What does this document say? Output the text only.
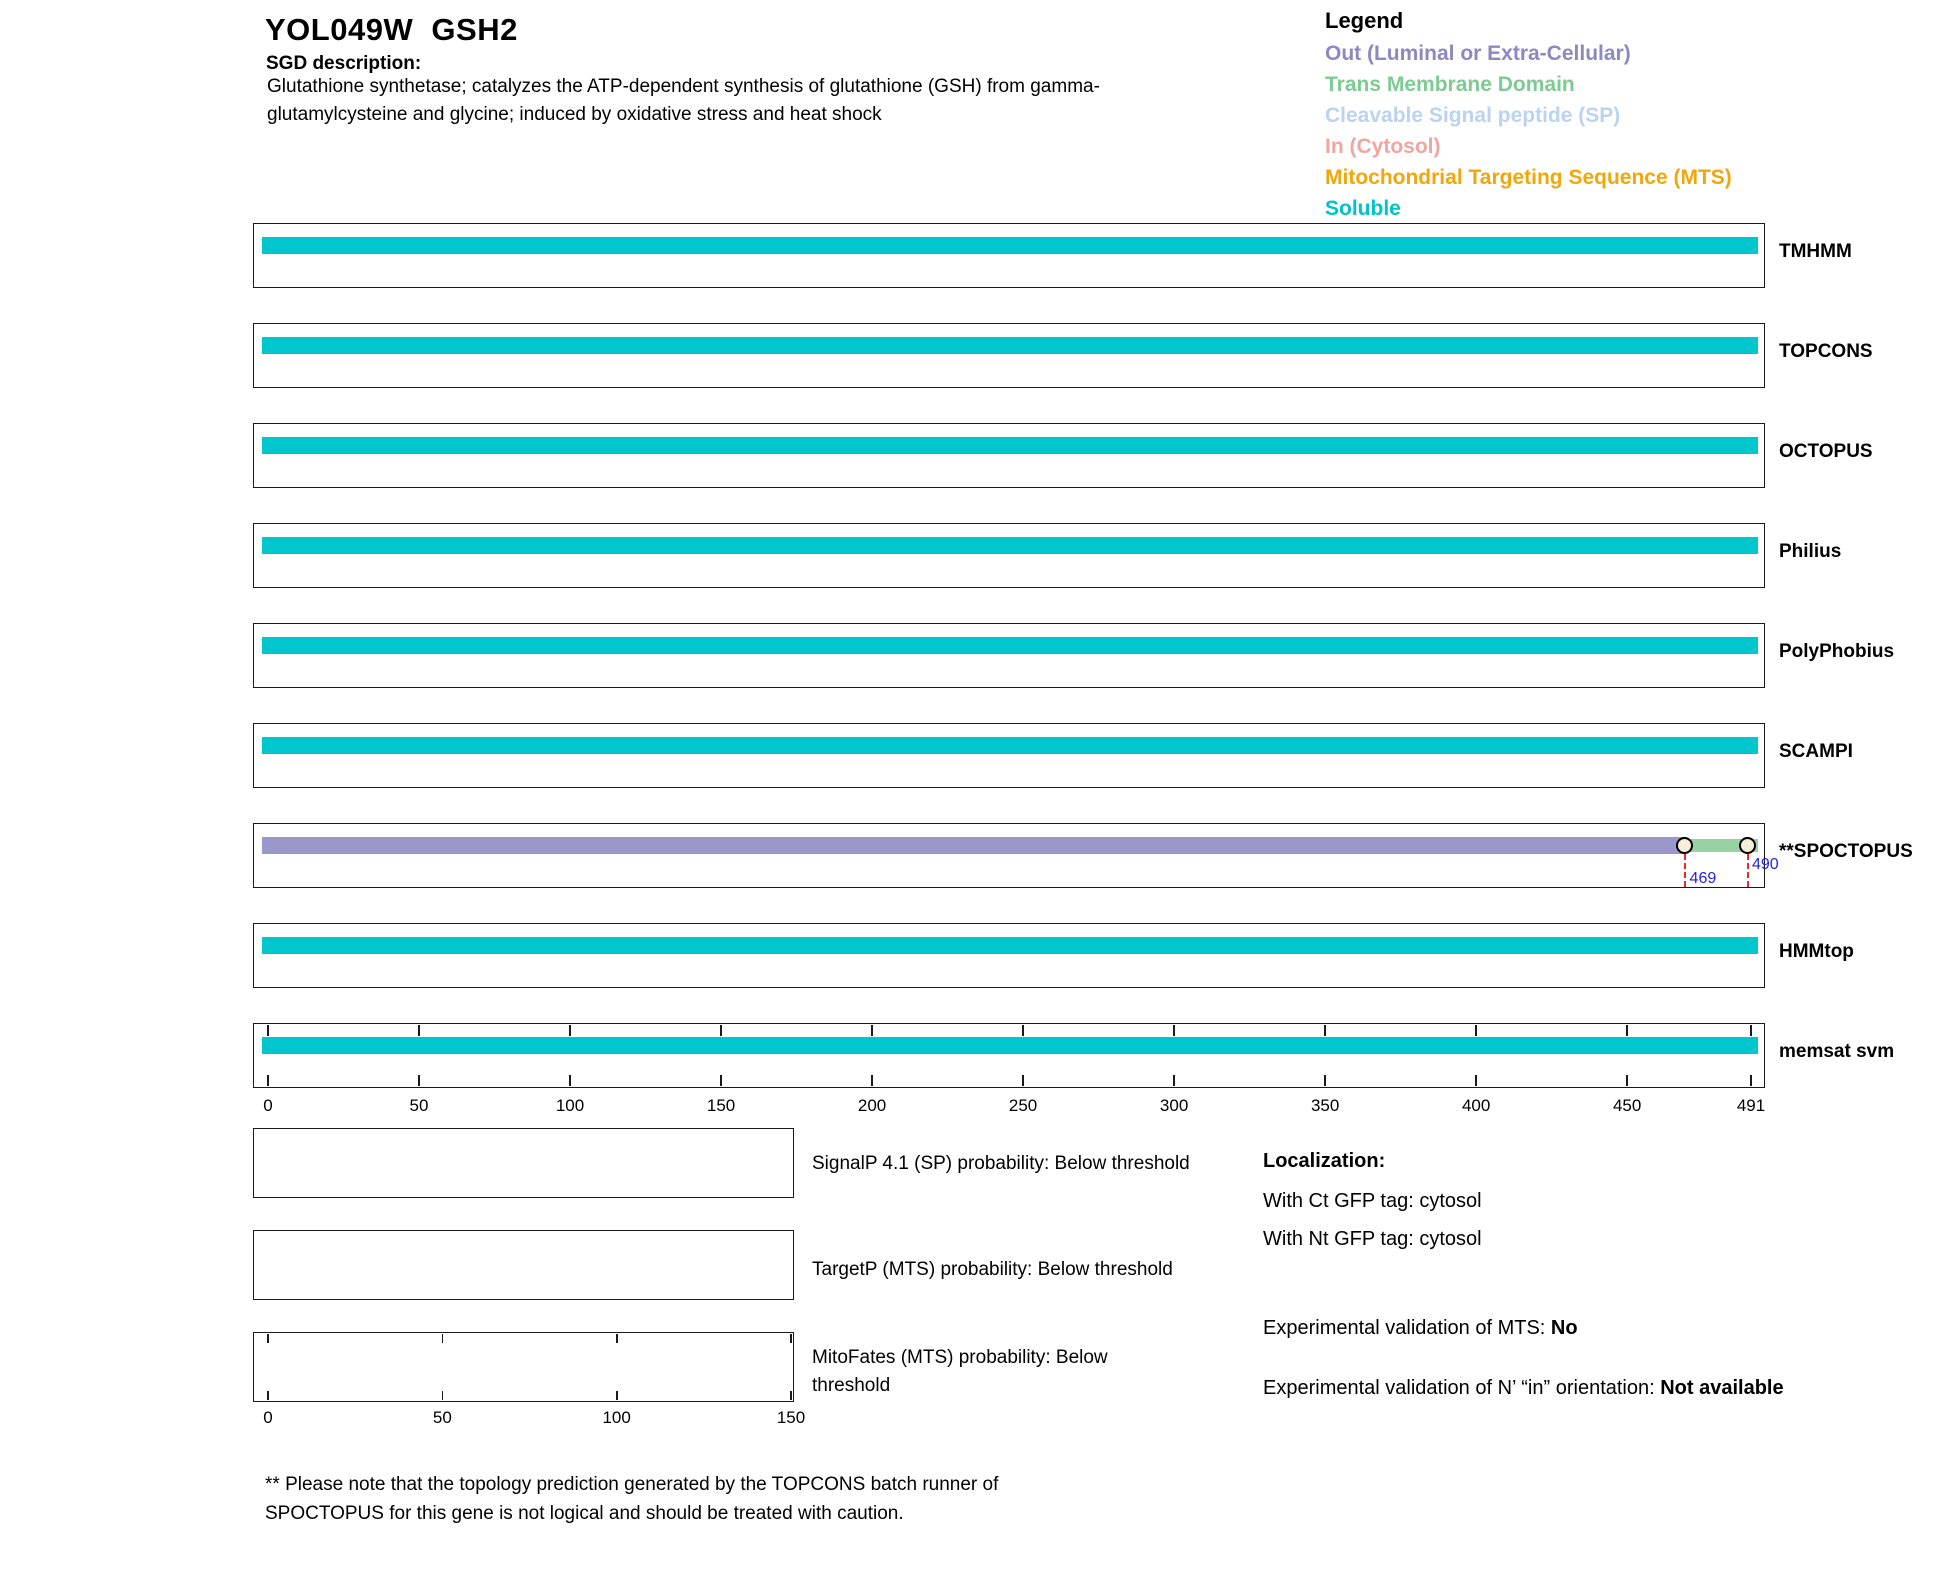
YOL049W  GSH2
SGD description:
Glutathione synthetase; catalyzes the ATP-dependent synthesis of glutathione (GSH) from gamma-glutamylcysteine and glycine; induced by oxidative stress and heat shock
Legend
Out (Luminal or Extra-Cellular)
Trans Membrane Domain
Cleavable Signal peptide (SP)
In (Cytosol)
Mitochondrial Targeting Sequence (MTS)
Soluble
TMHMM
TOPCONS
OCTOPUS
Philius
PolyPhobius
SCAMPI
469
490
**SPOCTOPUS
HMMtop
0	50	100	150	200	250	300	350	400	450	491
memsat svm
SignalP 4.1 (SP) probability: Below threshold
TargetP (MTS) probability: Below threshold
0	50	100	150
MitoFates (MTS) probability: Below threshold
Localization:
With Ct GFP tag: cytosol
With Nt GFP tag: cytosol
Experimental validation of MTS: No
Experimental validation of N’ “in” orientation: Not available
** Please note that the topology prediction generated by the TOPCONS batch runner of SPOCTOPUS for this gene is not logical and should be treated with caution.
